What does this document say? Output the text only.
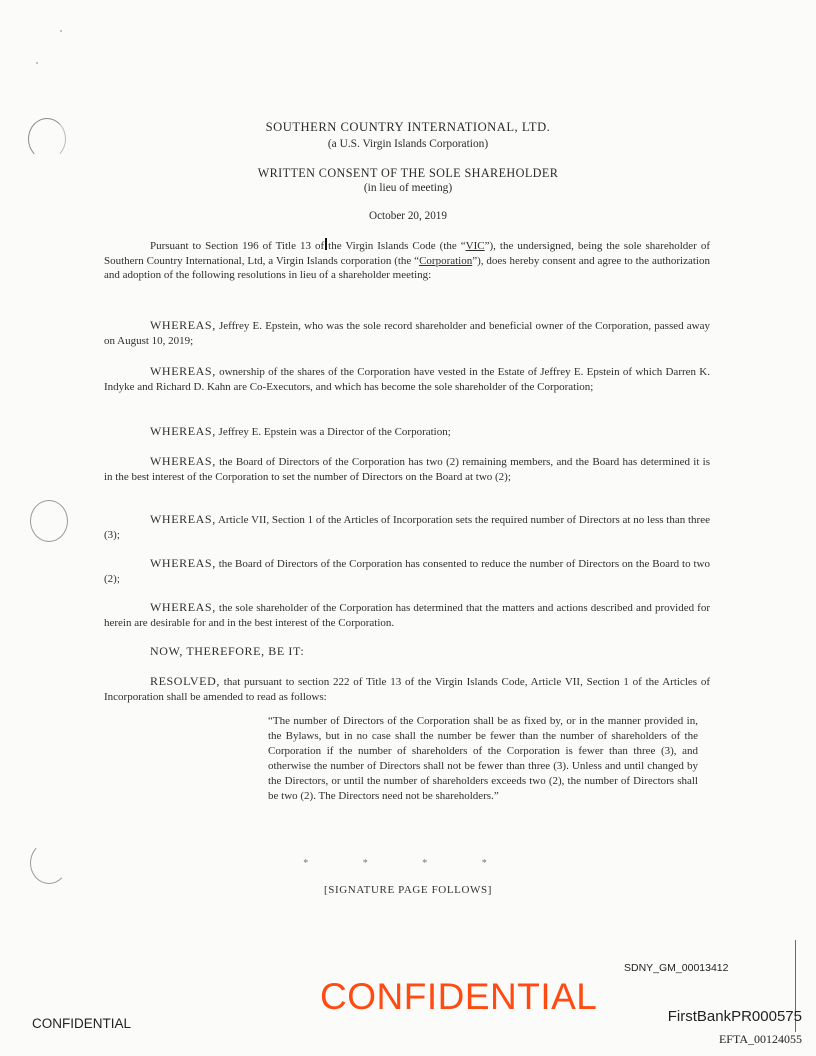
SOUTHERN COUNTRY INTERNATIONAL, LTD.
(a U.S. Virgin Islands Corporation)
WRITTEN CONSENT OF THE SOLE SHAREHOLDER
(in lieu of meeting)
October 20, 2019
Pursuant to Section 196 of Title 13 of the Virgin Islands Code (the “VIC”), the undersigned, being the sole shareholder of Southern Country International, Ltd, a Virgin Islands corporation (the “Corporation”), does hereby consent and agree to the authorization and adoption of the following resolutions in lieu of a shareholder meeting:
WHEREAS, Jeffrey E. Epstein, who was the sole record shareholder and beneficial owner of the Corporation, passed away on August 10, 2019;
WHEREAS, ownership of the shares of the Corporation have vested in the Estate of Jeffrey E. Epstein of which Darren K. Indyke and Richard D. Kahn are Co-Executors, and which has become the sole shareholder of the Corporation;
WHEREAS, Jeffrey E. Epstein was a Director of the Corporation;
WHEREAS, the Board of Directors of the Corporation has two (2) remaining members, and the Board has determined it is in the best interest of the Corporation to set the number of Directors on the Board at two (2);
WHEREAS, Article VII, Section 1 of the Articles of Incorporation sets the required number of Directors at no less than three (3);
WHEREAS, the Board of Directors of the Corporation has consented to reduce the number of Directors on the Board to two (2);
WHEREAS, the sole shareholder of the Corporation has determined that the matters and actions described and provided for herein are desirable for and in the best interest of the Corporation.
NOW, THEREFORE, BE IT:
RESOLVED, that pursuant to section 222 of Title 13 of the Virgin Islands Code, Article VII, Section 1 of the Articles of Incorporation shall be amended to read as follows:
“The number of Directors of the Corporation shall be as fixed by, or in the manner provided in, the Bylaws, but in no case shall the number be fewer than the number of shareholders of the Corporation if the number of shareholders of the Corporation is fewer than three (3), and otherwise the number of Directors shall not be fewer than three (3). Unless and until changed by the Directors, or until the number of shareholders exceeds two (2), the number of Directors shall be two (2). The Directors need not be shareholders.”
* * * *
[SIGNATURE PAGE FOLLOWS]
SDNY_GM_00013412
CONFIDENTIAL
CONFIDENTIAL	FirstBankPR000575
EFTA_00124055
